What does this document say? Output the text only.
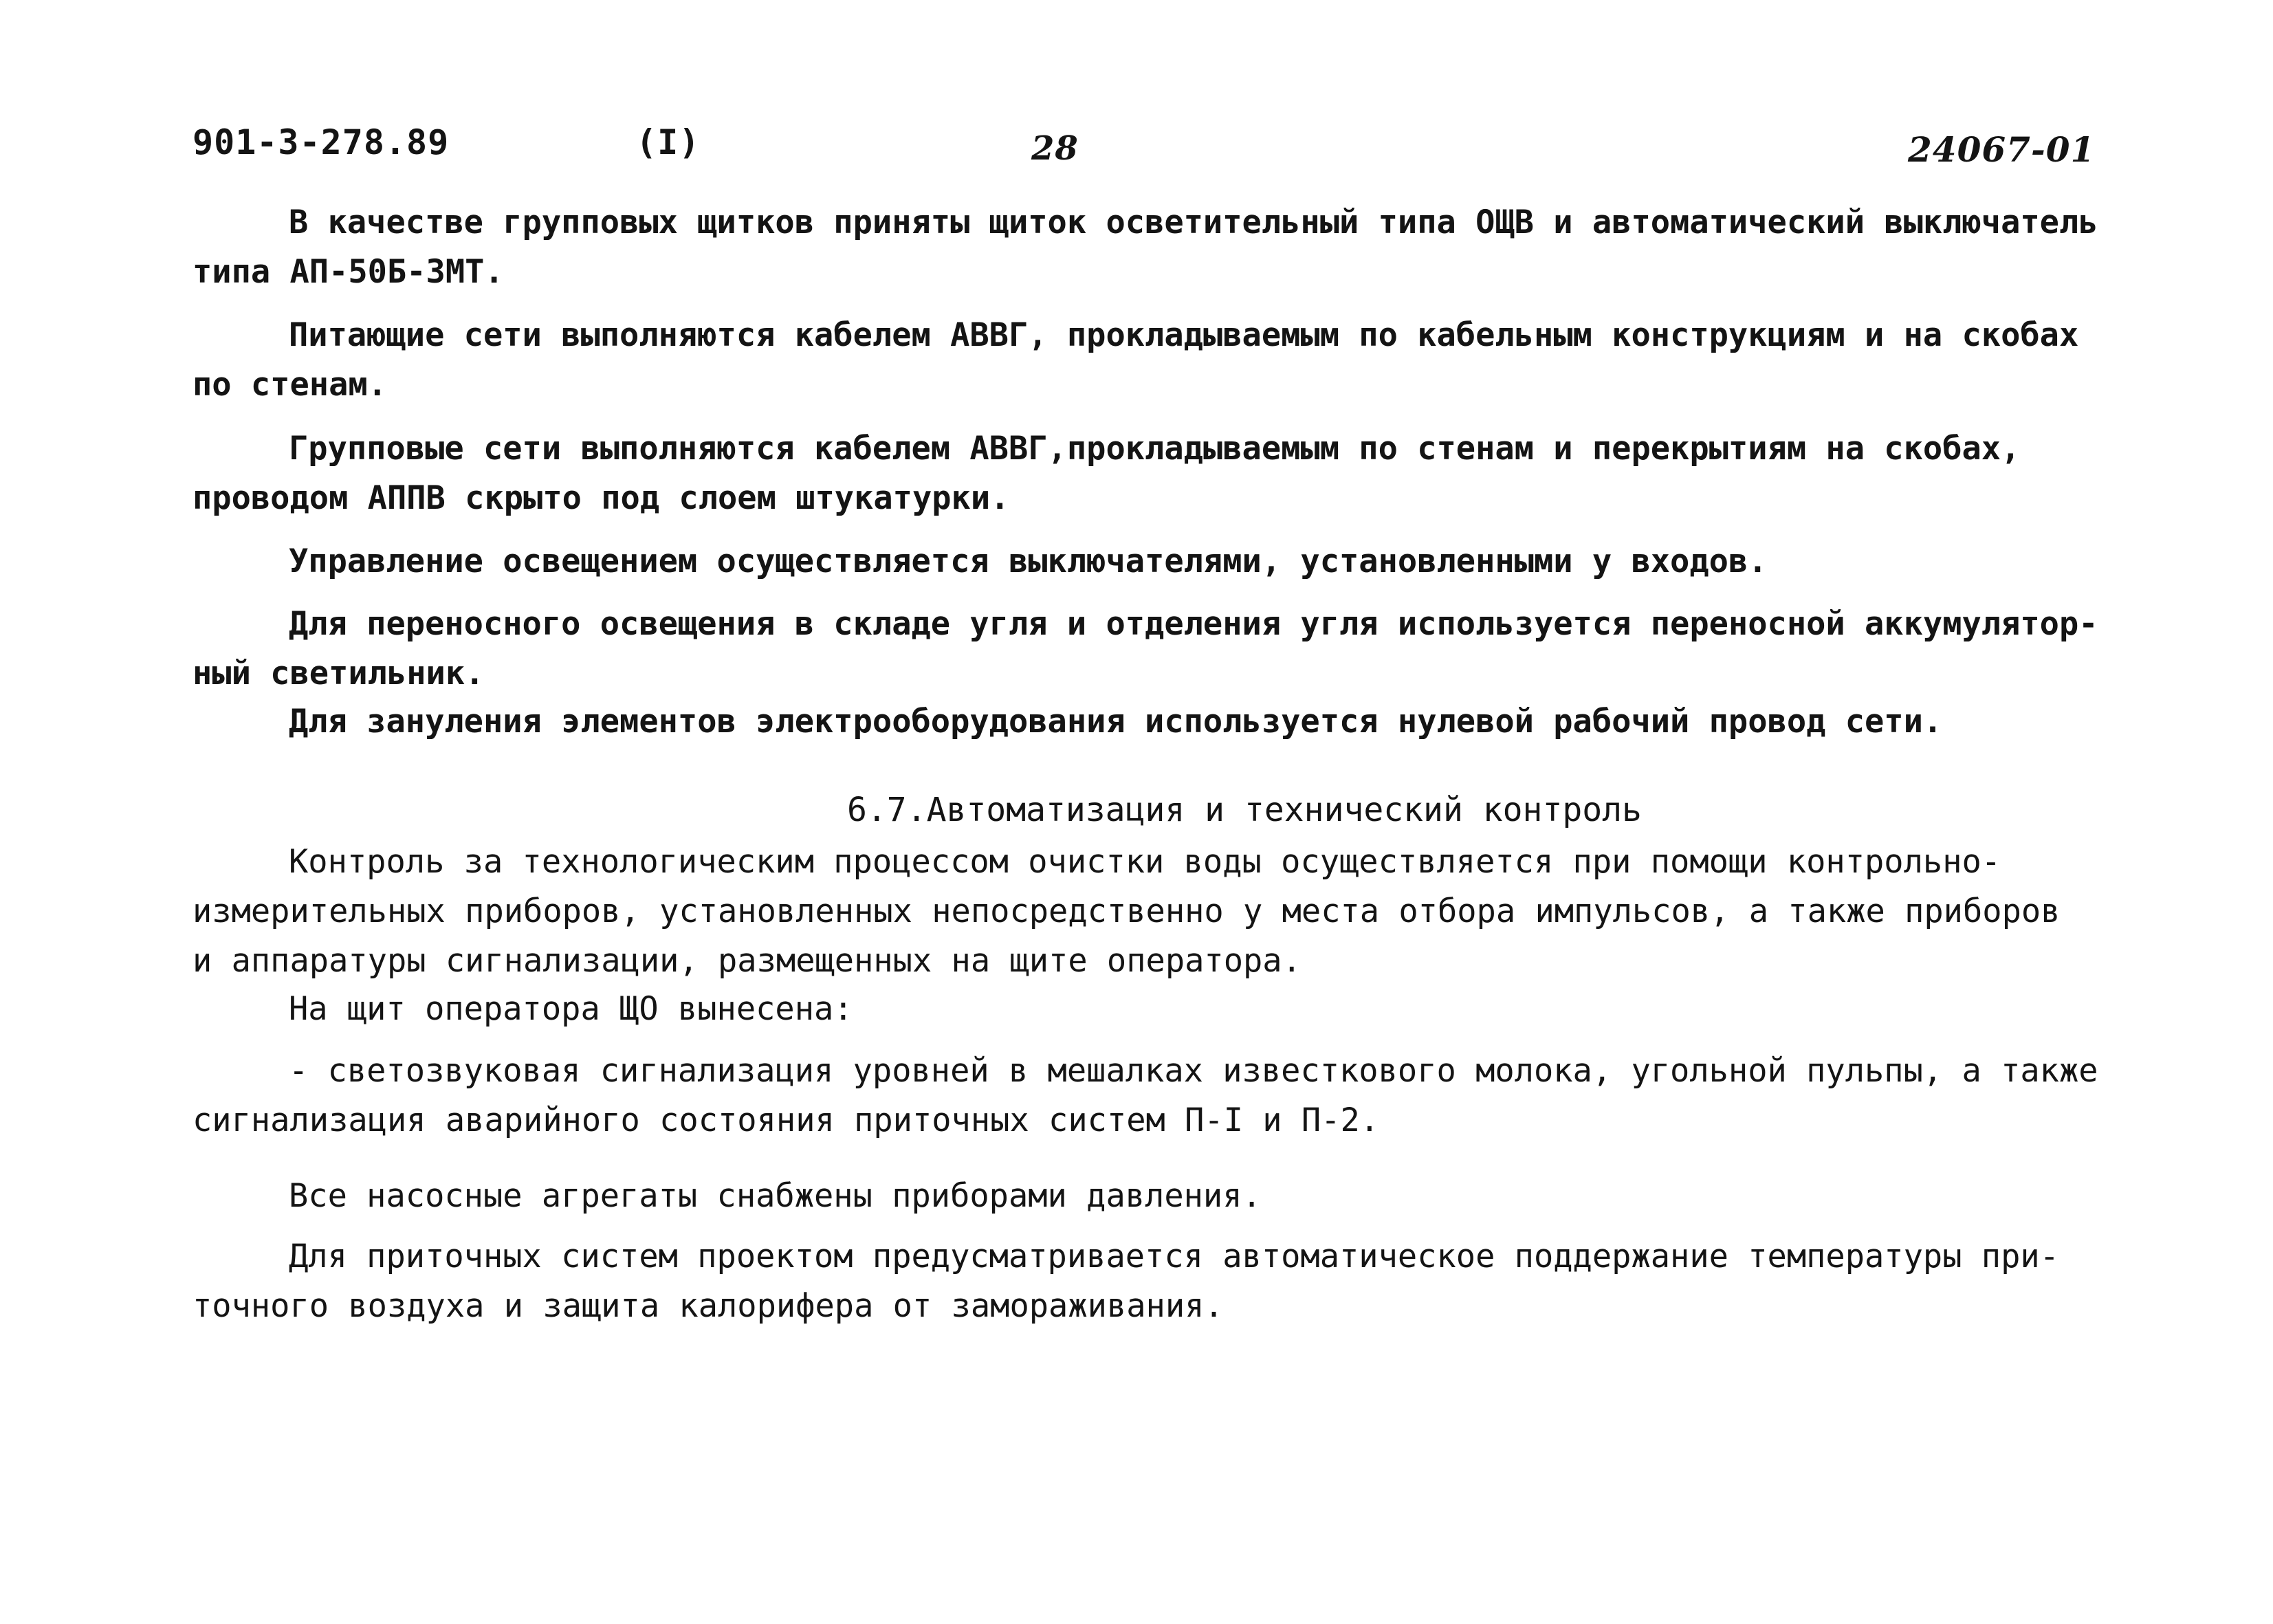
901-3-278.89	(I)	28	24067-01
В качестве групповых щитков приняты щиток осветительный типа ОЩВ и автоматический выключатель
типа АП-50Б-3МТ.
Питающие сети выполняются кабелем АВВГ, прокладываемым по кабельным конструкциям и на скобах
по стенам.
Групповые сети выполняются кабелем АВВГ,прокладываемым по стенам и перекрытиям на скобах,
проводом АППВ скрыто под слоем штукатурки.
Управление освещением осуществляется выключателями, установленными у входов.
Для переносного освещения в складе угля и отделения угля используется переносной аккумулятор-
ный светильник.
Для зануления элементов электрооборудования используется нулевой рабочий провод сети.
6.7.Автоматизация и технический контроль
Контроль за технологическим процессом очистки воды осуществляется при помощи контрольно-
измерительных приборов, установленных непосредственно у места отбора импульсов, а также приборов
и аппаратуры сигнализации, размещенных на щите оператора.
На щит оператора ЩО вынесена:
- светозвуковая сигнализация уровней в мешалках известкового молока, угольной пульпы, а также
сигнализация аварийного состояния приточных систем П-I и П-2.
Все насосные агрегаты снабжены приборами давления.
Для приточных систем проектом предусматривается автоматическое поддержание температуры при-
точного воздуха и защита калорифера от замораживания.
